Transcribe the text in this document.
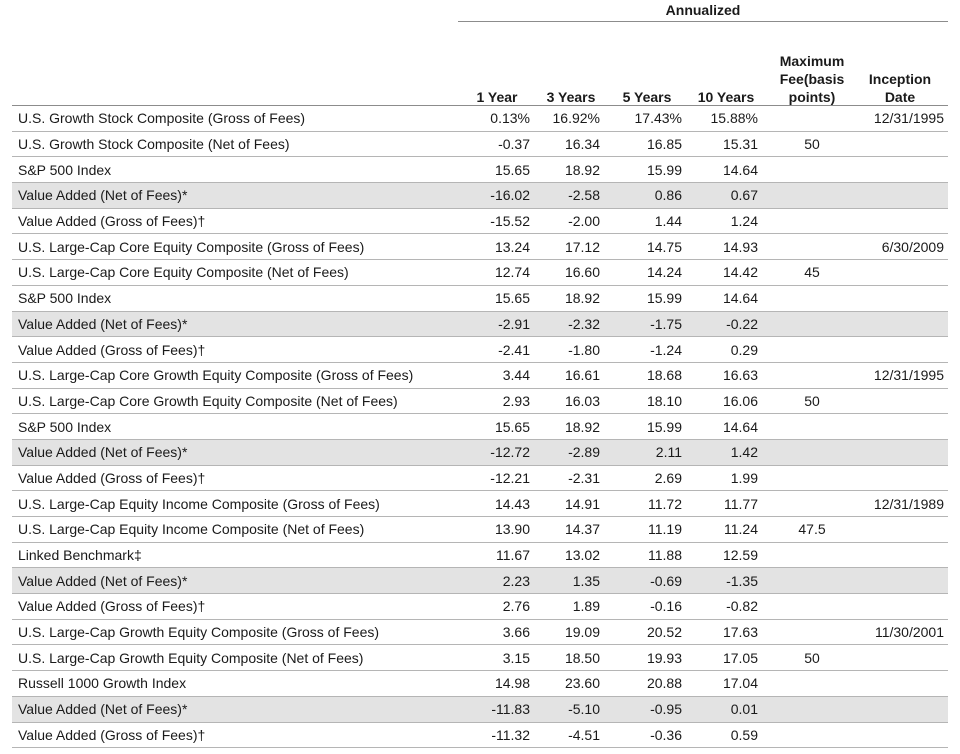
Annualized
1 Year	3 Years	5 Years	10 Years
Maximum Fee(basis points)
Inception Date
U.S. Growth Stock Composite (Gross of Fees)	0.13%	16.92%	17.43%	15.88%		12/31/1995
U.S. Growth Stock Composite (Net of Fees)	-0.37	16.34	16.85	15.31	50	
S&P 500 Index	15.65	18.92	15.99	14.64		
Value Added (Net of Fees)*	-16.02	-2.58	0.86	0.67		
Value Added (Gross of Fees)†	-15.52	-2.00	1.44	1.24		
U.S. Large-Cap Core Equity Composite (Gross of Fees)	13.24	17.12	14.75	14.93		6/30/2009
U.S. Large-Cap Core Equity Composite (Net of Fees)	12.74	16.60	14.24	14.42	45	
S&P 500 Index	15.65	18.92	15.99	14.64		
Value Added (Net of Fees)*	-2.91	-2.32	-1.75	-0.22		
Value Added (Gross of Fees)†	-2.41	-1.80	-1.24	0.29		
U.S. Large-Cap Core Growth Equity Composite (Gross of Fees)	3.44	16.61	18.68	16.63		12/31/1995
U.S. Large-Cap Core Growth Equity Composite (Net of Fees)	2.93	16.03	18.10	16.06	50	
S&P 500 Index	15.65	18.92	15.99	14.64		
Value Added (Net of Fees)*	-12.72	-2.89	2.11	1.42		
Value Added (Gross of Fees)†	-12.21	-2.31	2.69	1.99		
U.S. Large-Cap Equity Income Composite (Gross of Fees)	14.43	14.91	11.72	11.77		12/31/1989
U.S. Large-Cap Equity Income Composite (Net of Fees)	13.90	14.37	11.19	11.24	47.5	
Linked Benchmark‡	11.67	13.02	11.88	12.59		
Value Added (Net of Fees)*	2.23	1.35	-0.69	-1.35		
Value Added (Gross of Fees)†	2.76	1.89	-0.16	-0.82		
U.S. Large-Cap Growth Equity Composite (Gross of Fees)	3.66	19.09	20.52	17.63		11/30/2001
U.S. Large-Cap Growth Equity Composite (Net of Fees)	3.15	18.50	19.93	17.05	50	
Russell 1000 Growth Index	14.98	23.60	20.88	17.04		
Value Added (Net of Fees)*	-11.83	-5.10	-0.95	0.01		
Value Added (Gross of Fees)†	-11.32	-4.51	-0.36	0.59		
